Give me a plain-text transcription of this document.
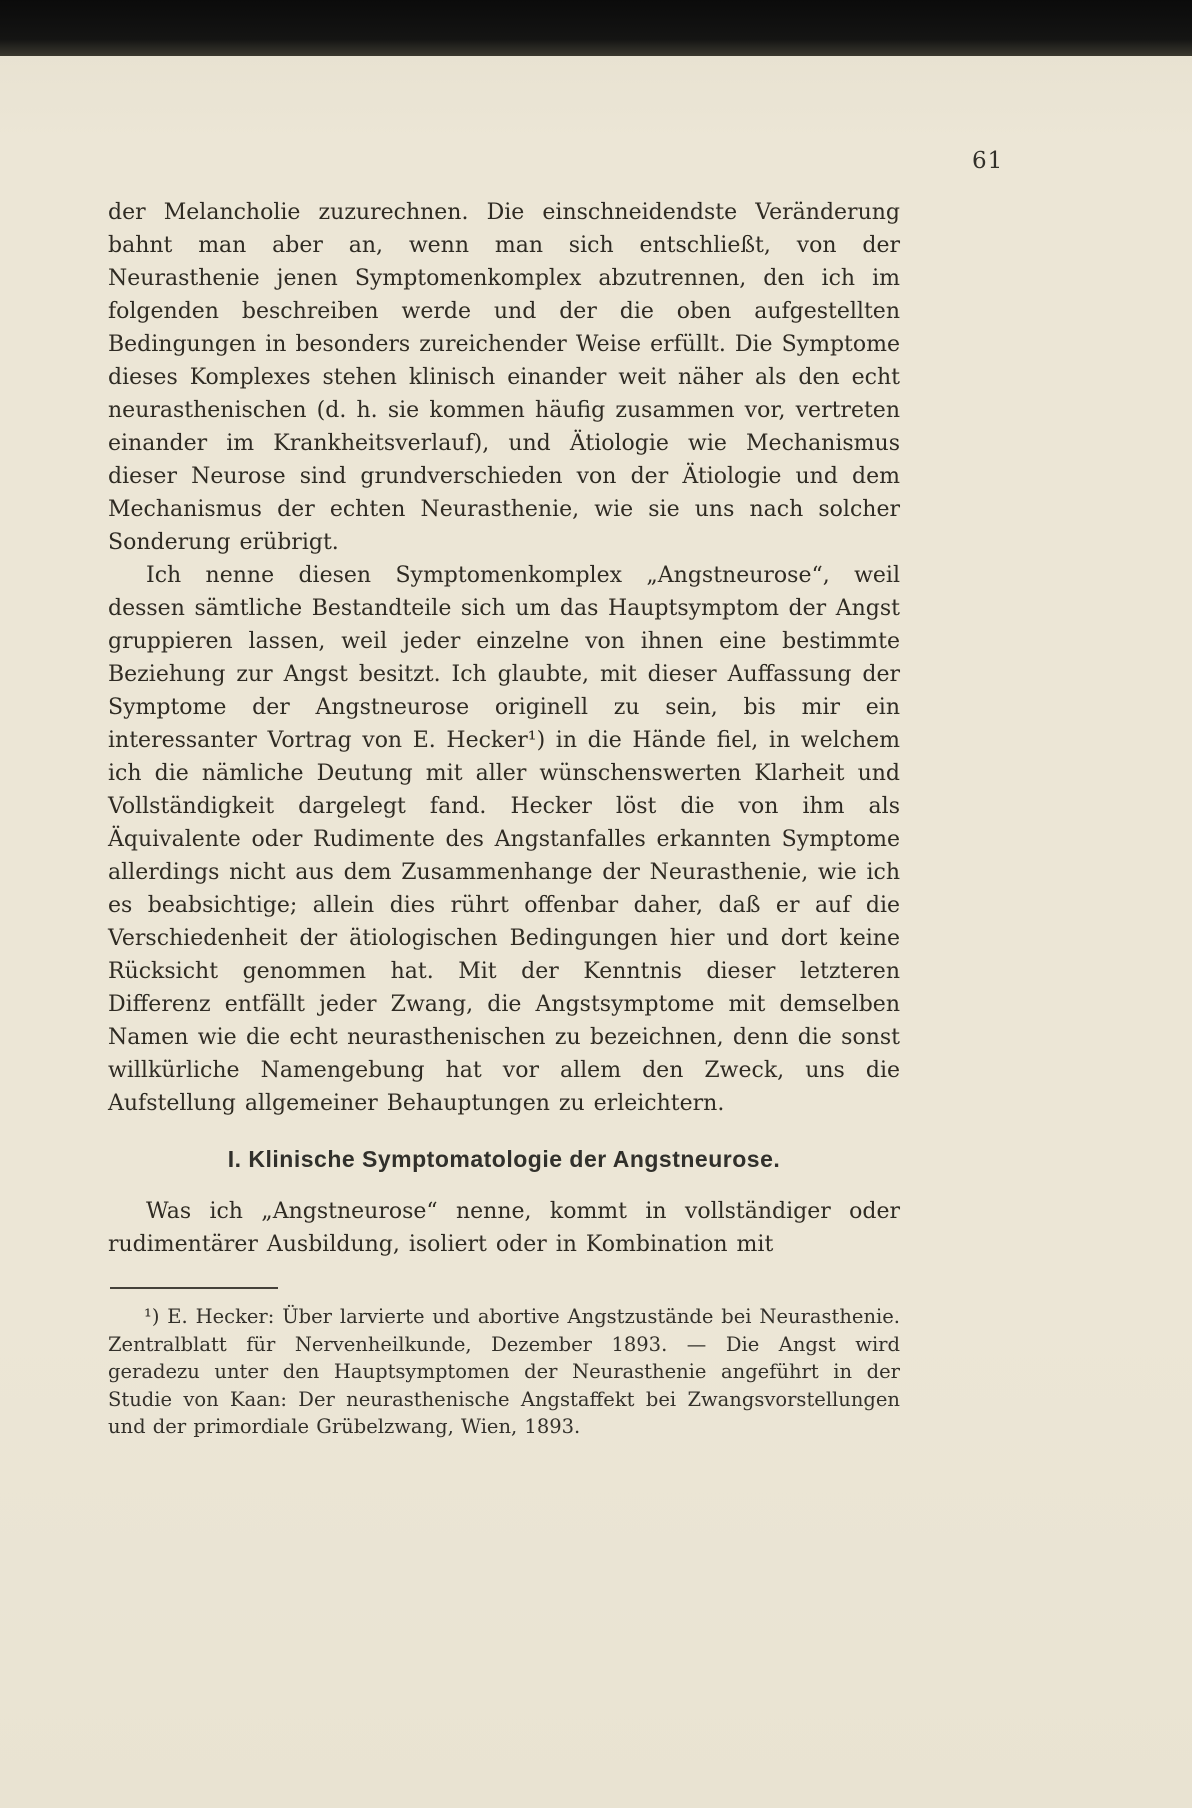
61

der Melancholie zuzurechnen. Die einschneidendste Veränderung bahnt man aber an, wenn man sich entschließt, von der Neurasthenie jenen Symptomenkomplex abzutrennen, den ich im folgenden beschreiben werde und der die oben aufgestellten Bedingungen in besonders zureichender Weise erfüllt. Die Symptome dieses Komplexes stehen klinisch einander weit näher als den echt neurasthenischen (d. h. sie kommen häufig zusammen vor, vertreten einander im Krankheitsverlauf), und Ätiologie wie Mechanismus dieser Neurose sind grundverschieden von der Ätiologie und dem Mechanismus der echten Neurasthenie, wie sie uns nach solcher Sonderung erübrigt.

Ich nenne diesen Symptomenkomplex „Angstneurose“, weil dessen sämtliche Bestandteile sich um das Hauptsymptom der Angst gruppieren lassen, weil jeder einzelne von ihnen eine bestimmte Beziehung zur Angst besitzt. Ich glaubte, mit dieser Auffassung der Symptome der Angstneurose originell zu sein, bis mir ein interessanter Vortrag von E. Hecker¹) in die Hände fiel, in welchem ich die nämliche Deutung mit aller wünschenswerten Klarheit und Vollständigkeit dargelegt fand. Hecker löst die von ihm als Äquivalente oder Rudimente des Angstanfalles erkannten Symptome allerdings nicht aus dem Zusammenhange der Neurasthenie, wie ich es beabsichtige; allein dies rührt offenbar daher, daß er auf die Verschiedenheit der ätiologischen Bedingungen hier und dort keine Rücksicht genommen hat. Mit der Kenntnis dieser letzteren Differenz entfällt jeder Zwang, die Angstsymptome mit demselben Namen wie die echt neurasthenischen zu bezeichnen, denn die sonst willkürliche Namengebung hat vor allem den Zweck, uns die Aufstellung allgemeiner Behauptungen zu erleichtern.

I. Klinische Symptomatologie der Angstneurose.

Was ich „Angstneurose“ nenne, kommt in vollständiger oder rudimentärer Ausbildung, isoliert oder in Kombination mit

¹) E. Hecker: Über larvierte und abortive Angstzustände bei Neurasthenie. Zentralblatt für Nervenheilkunde, Dezember 1893. — Die Angst wird geradezu unter den Hauptsymptomen der Neurasthenie angeführt in der Studie von Kaan: Der neurasthenische Angstaffekt bei Zwangsvorstellungen und der primordiale Grübelzwang, Wien, 1893.
